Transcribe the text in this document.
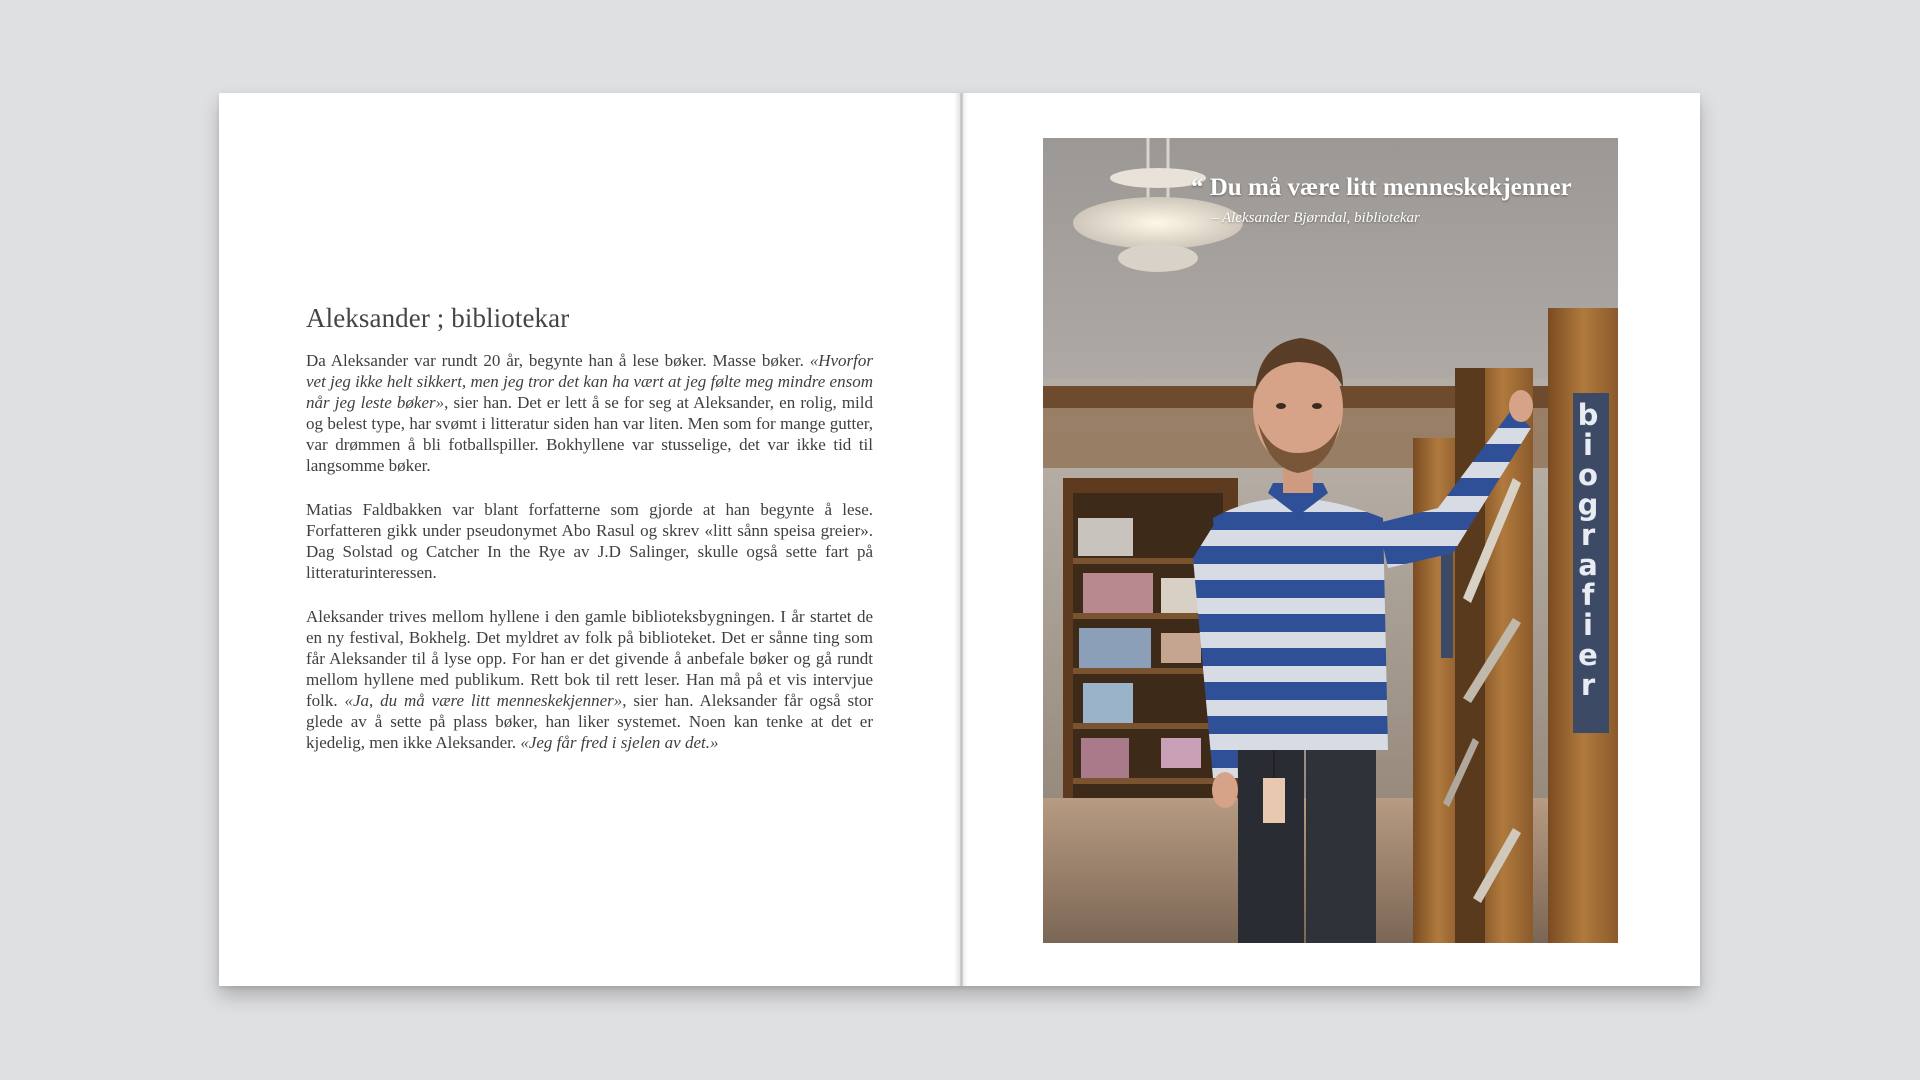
Aleksander ; bibliotekar

Da Aleksander var rundt 20 år, begynte han å lese bøker. Masse bøker. «Hvorfor vet jeg ikke helt sikkert, men jeg tror det kan ha vært at jeg følte meg mindre ensom når jeg leste bøker», sier han. Det er lett å se for seg at Aleksander, en rolig, mild og belest type, har svømt i litteratur siden han var liten. Men som for mange gutter, var drømmen å bli fotballspiller. Bokhyllene var stusselige, det var ikke tid til langsomme bøker.

Matias Faldbakken var blant forfatterne som gjorde at han begynte å lese. Forfatteren gikk under pseudonymet Abo Rasul og skrev «litt sånn speisa greier». Dag Solstad og Catcher In the Rye av J.D Salinger, skulle også sette fart på litteraturinteressen.

Aleksander trives mellom hyllene i den gamle biblioteksbygningen. I år startet de en ny festival, Bokhelg. Det myldret av folk på biblioteket. Det er sånne ting som får Aleksander til å lyse opp. For han er det givende å anbefale bøker og gå rundt mellom hyllene med publikum. Rett bok til rett leser. Han må på et vis intervjue folk. «Ja, du må være litt menneskekjenner», sier han. Aleksander får også stor glede av å sette på plass bøker, han liker systemet. Noen kan tenke at det er kjedelig, men ikke Aleksander. «Jeg får fred i sjelen av det.»

b
i
o
g
r
a
f
i
e
r
“ Du må være litt menneskekjenner
– Aleksander Bjørndal, bibliotekar
